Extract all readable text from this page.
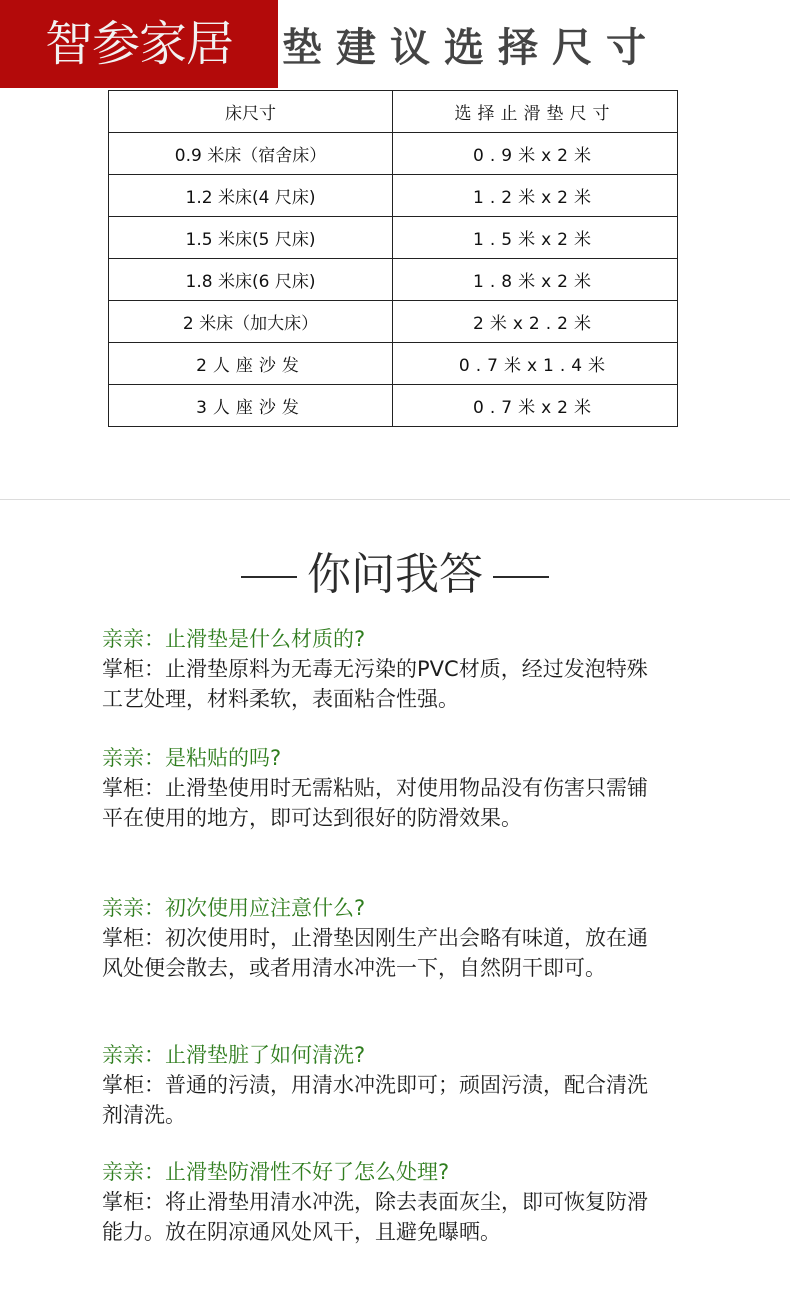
智参家居	垫建议选择尺寸
床尺寸	选择止滑垫尺寸
0.9 米床（宿舍床）	0.9米x2米
1.2 米床(4 尺床)	1.2米x2米
1.5 米床(5 尺床)	1.5米x2米
1.8 米床(6 尺床)	1.8米x2米
2 米床（加大床）	2米x2.2米
2人座沙发	0.7米x1.4米
3人座沙发	0.7米x2米
你问我答
亲亲：止滑垫是什么材质的?
掌柜：止滑垫原料为无毒无污染的PVC材质，经过发泡特殊工艺处理，材料柔软，表面粘合性强。
亲亲：是粘贴的吗?
掌柜：止滑垫使用时无需粘贴，对使用物品没有伤害只需铺平在使用的地方，即可达到很好的防滑效果。
亲亲：初次使用应注意什么?
掌柜：初次使用时，止滑垫因刚生产出会略有味道，放在通风处便会散去，或者用清水冲洗一下，自然阴干即可。
亲亲：止滑垫脏了如何清洗?
掌柜：普通的污渍，用清水冲洗即可；顽固污渍，配合清洗剂清洗。
亲亲：止滑垫防滑性不好了怎么处理?
掌柜：将止滑垫用清水冲洗，除去表面灰尘，即可恢复防滑能力。放在阴凉通风处风干，且避免曝晒。
